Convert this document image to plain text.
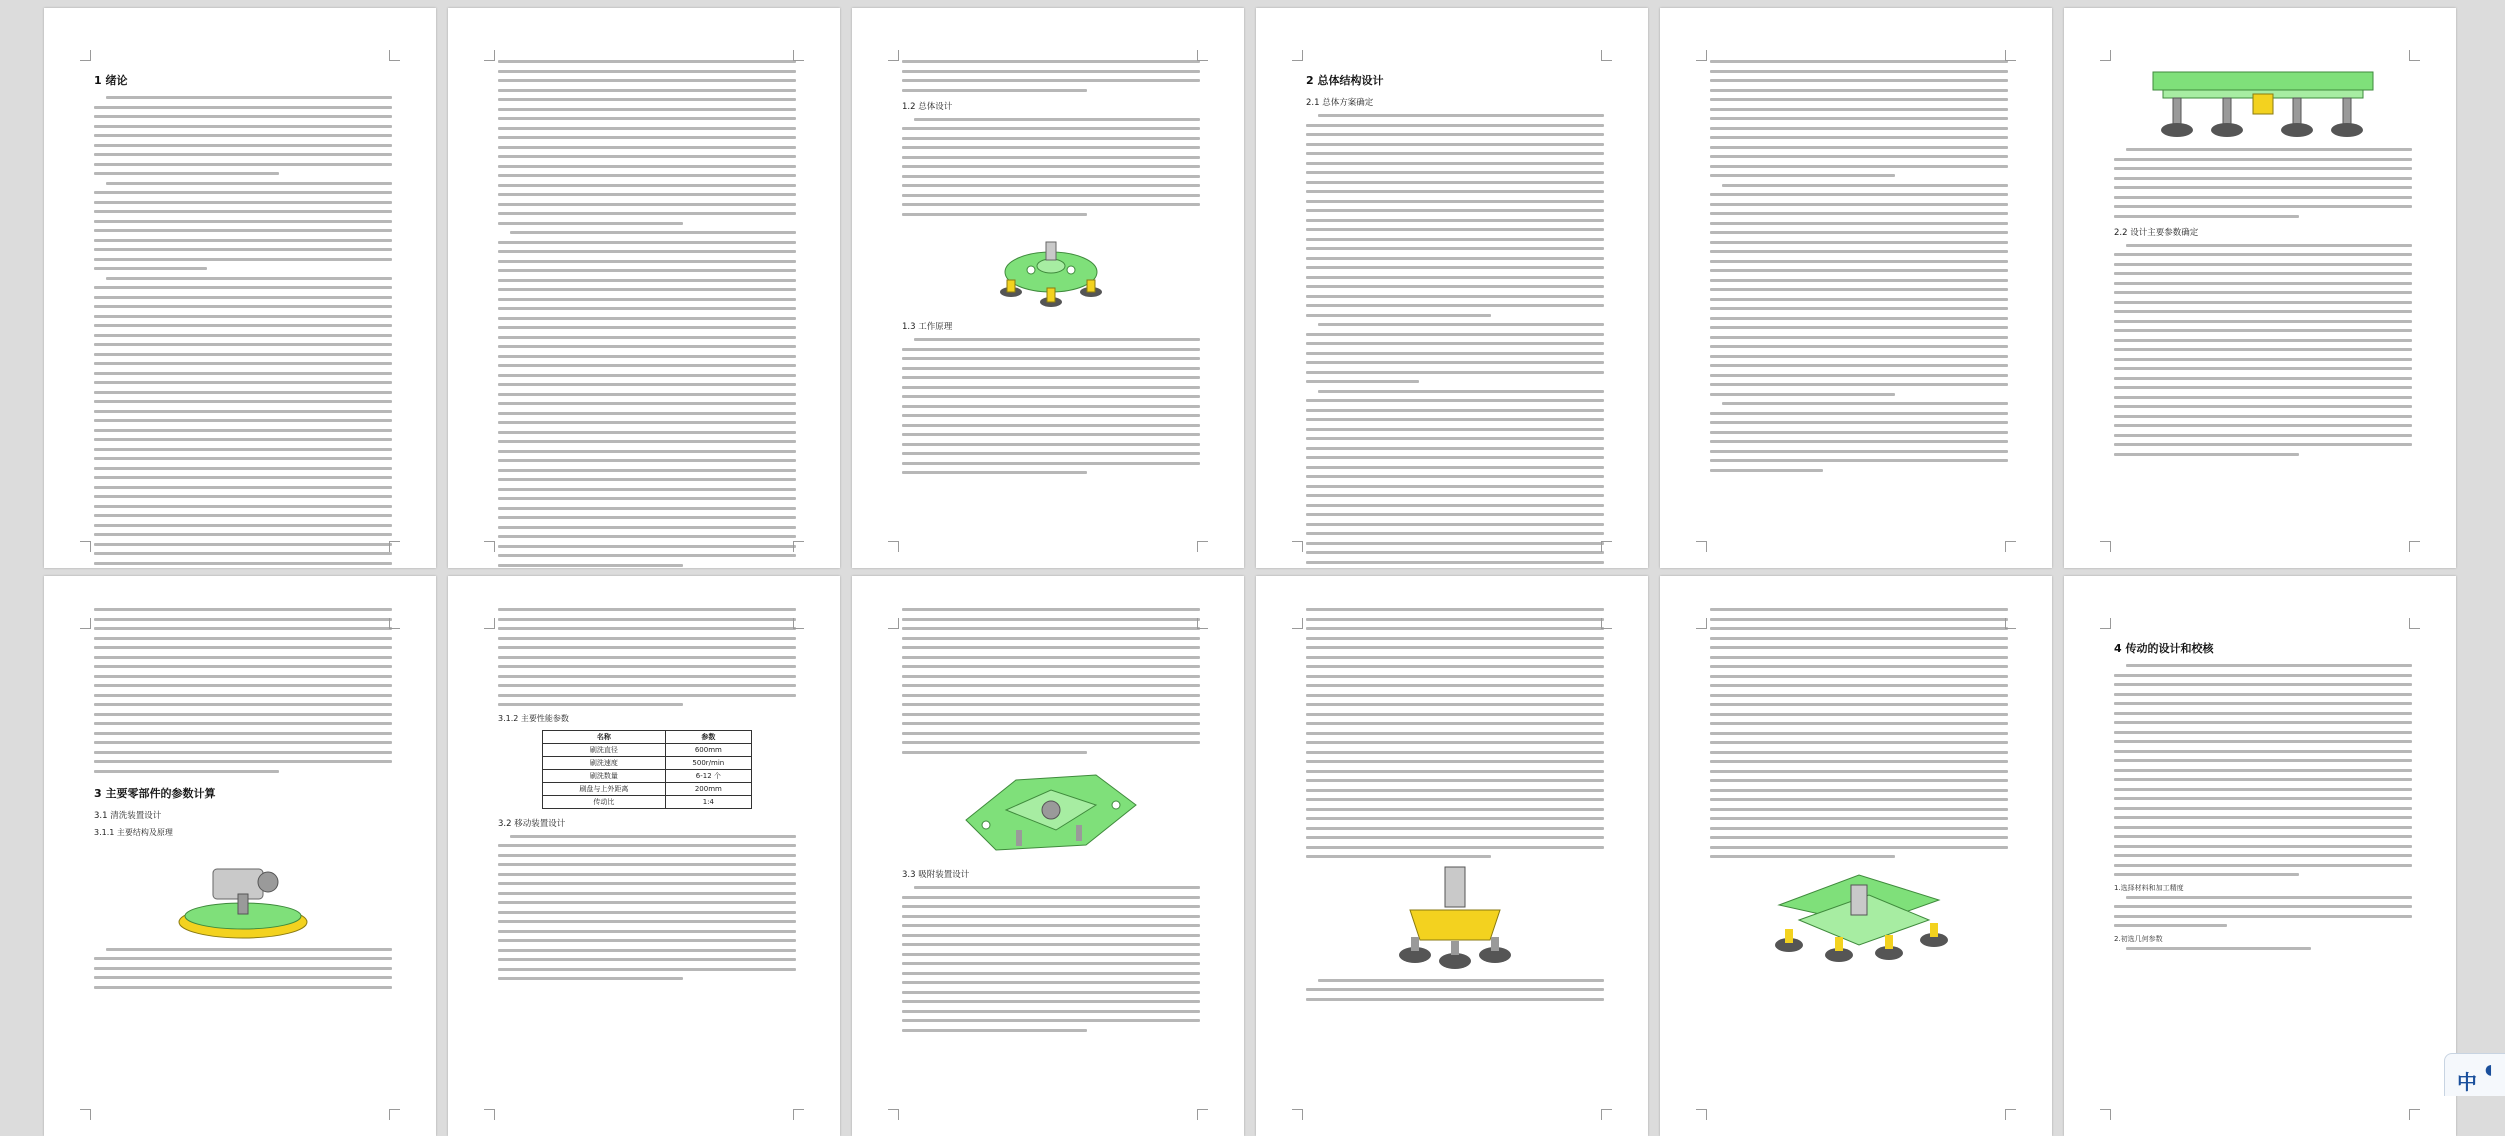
1 绪论
1.2 总体设计
1.3 工作原理
2 总体结构设计
2.1 总体方案确定
2.2 设计主要参数确定
3 主要零部件的参数计算
3.1 清洗装置设计
3.1.1 主要结构及原理
3.1.2 主要性能参数
名称	参数
刷洗直径	600mm
刷洗速度	500r/min
刷洗数量	6-12 个
刷盘与上外距离	200mm
传动比	1:4
3.2 移动装置设计
3.3 吸附装置设计
4 传动的设计和校核
1.选择材料和加工精度
2.初选几何参数
中 ◖
